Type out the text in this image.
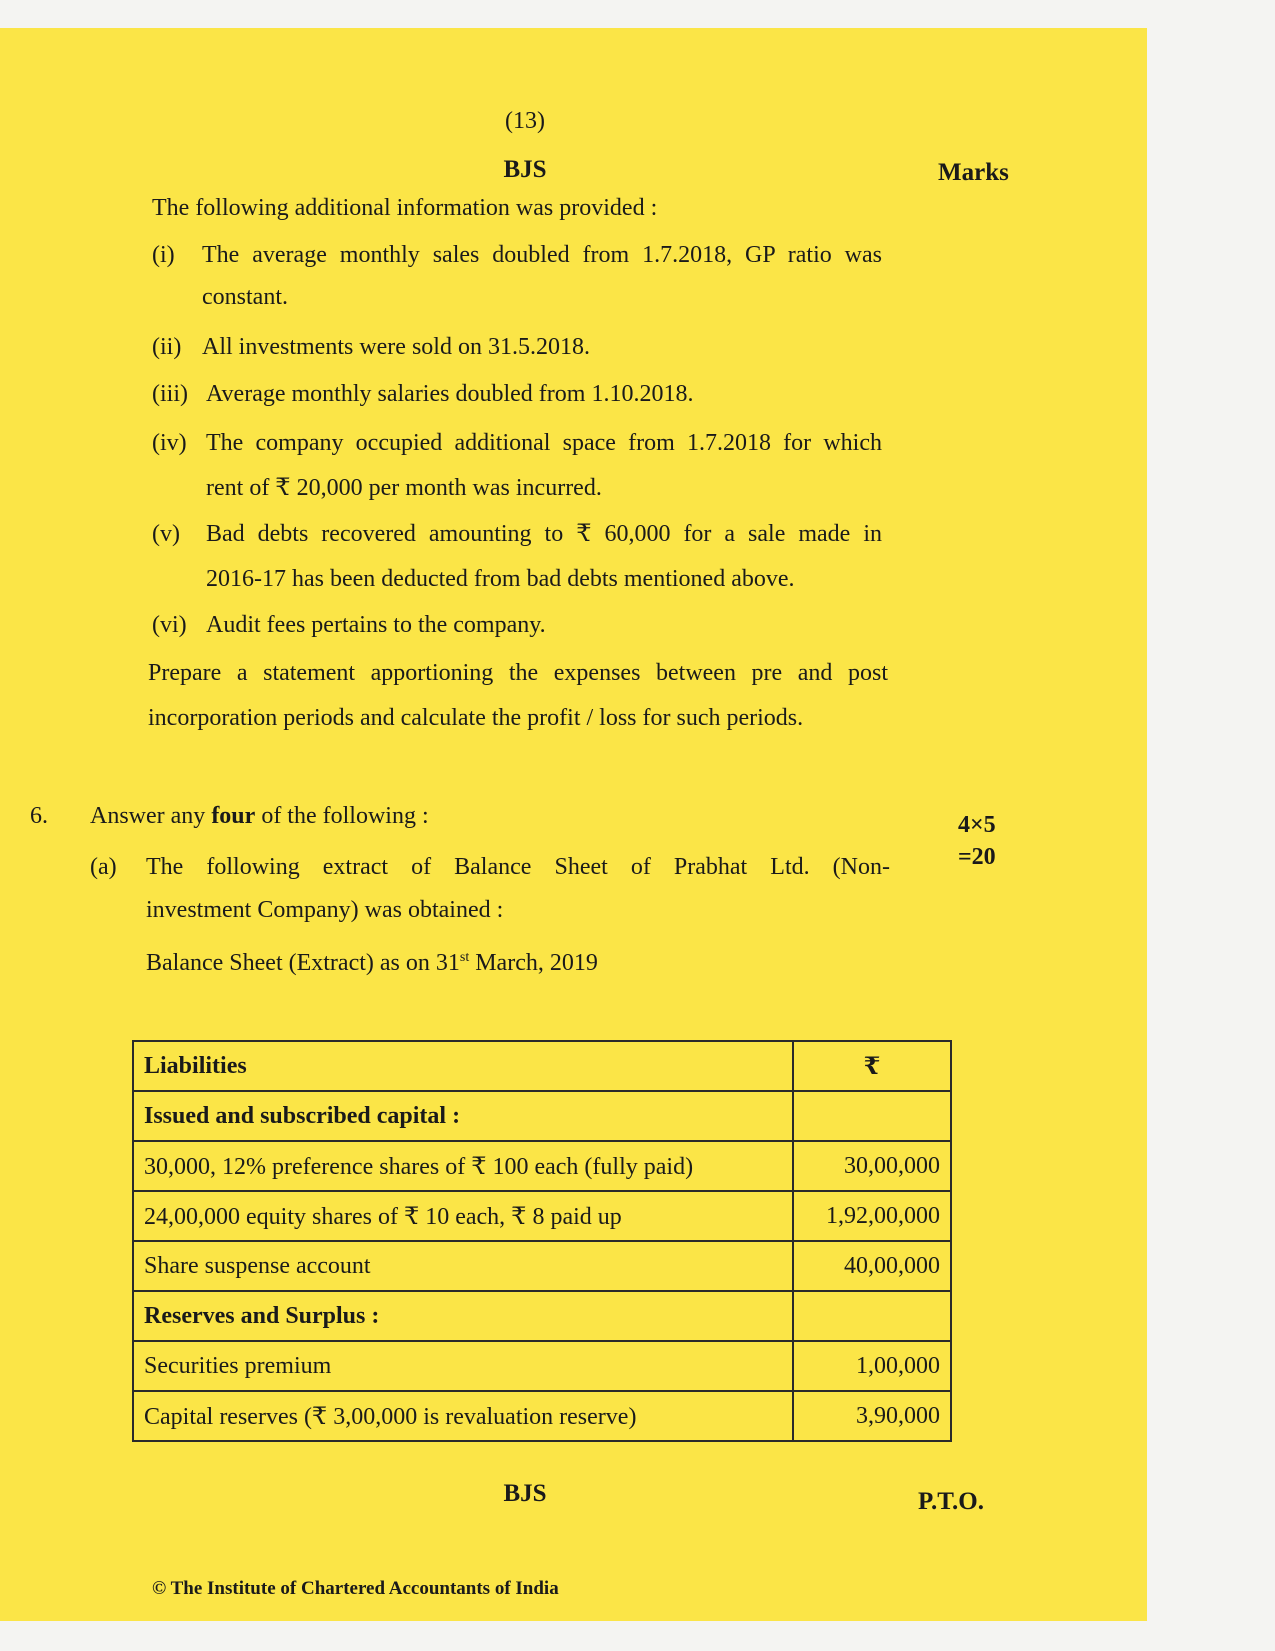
(13)
BJS	Marks
The following additional information was provided :
(i) The average monthly sales doubled from 1.7.2018, GP ratio was
constant.
(ii) All investments were sold on 31.5.2018.
(iii) Average monthly salaries doubled from 1.10.2018.
(iv) The company occupied additional space from 1.7.2018 for which
rent of ₹ 20,000 per month was incurred.
(v) Bad debts recovered amounting to ₹ 60,000 for a sale made in
2016-17 has been deducted from bad debts mentioned above.
(vi) Audit fees pertains to the company.
Prepare a statement apportioning the expenses between pre and post
incorporation periods and calculate the profit / loss for such periods.
6. Answer any four of the following :	4×5
=20
(a) The following extract of Balance Sheet of Prabhat Ltd. (Non-
investment Company) was obtained :
Balance Sheet (Extract) as on 31st March, 2019
Liabilities	₹
Issued and subscribed capital :	
30,000, 12% preference shares of ₹ 100 each (fully paid)	30,00,000
24,00,000 equity shares of ₹ 10 each, ₹ 8 paid up	1,92,00,000
Share suspense account	40,00,000
Reserves and Surplus :	
Securities premium	1,00,000
Capital reserves (₹ 3,00,000 is revaluation reserve)	3,90,000
BJS	P.T.O.
© The Institute of Chartered Accountants of India
